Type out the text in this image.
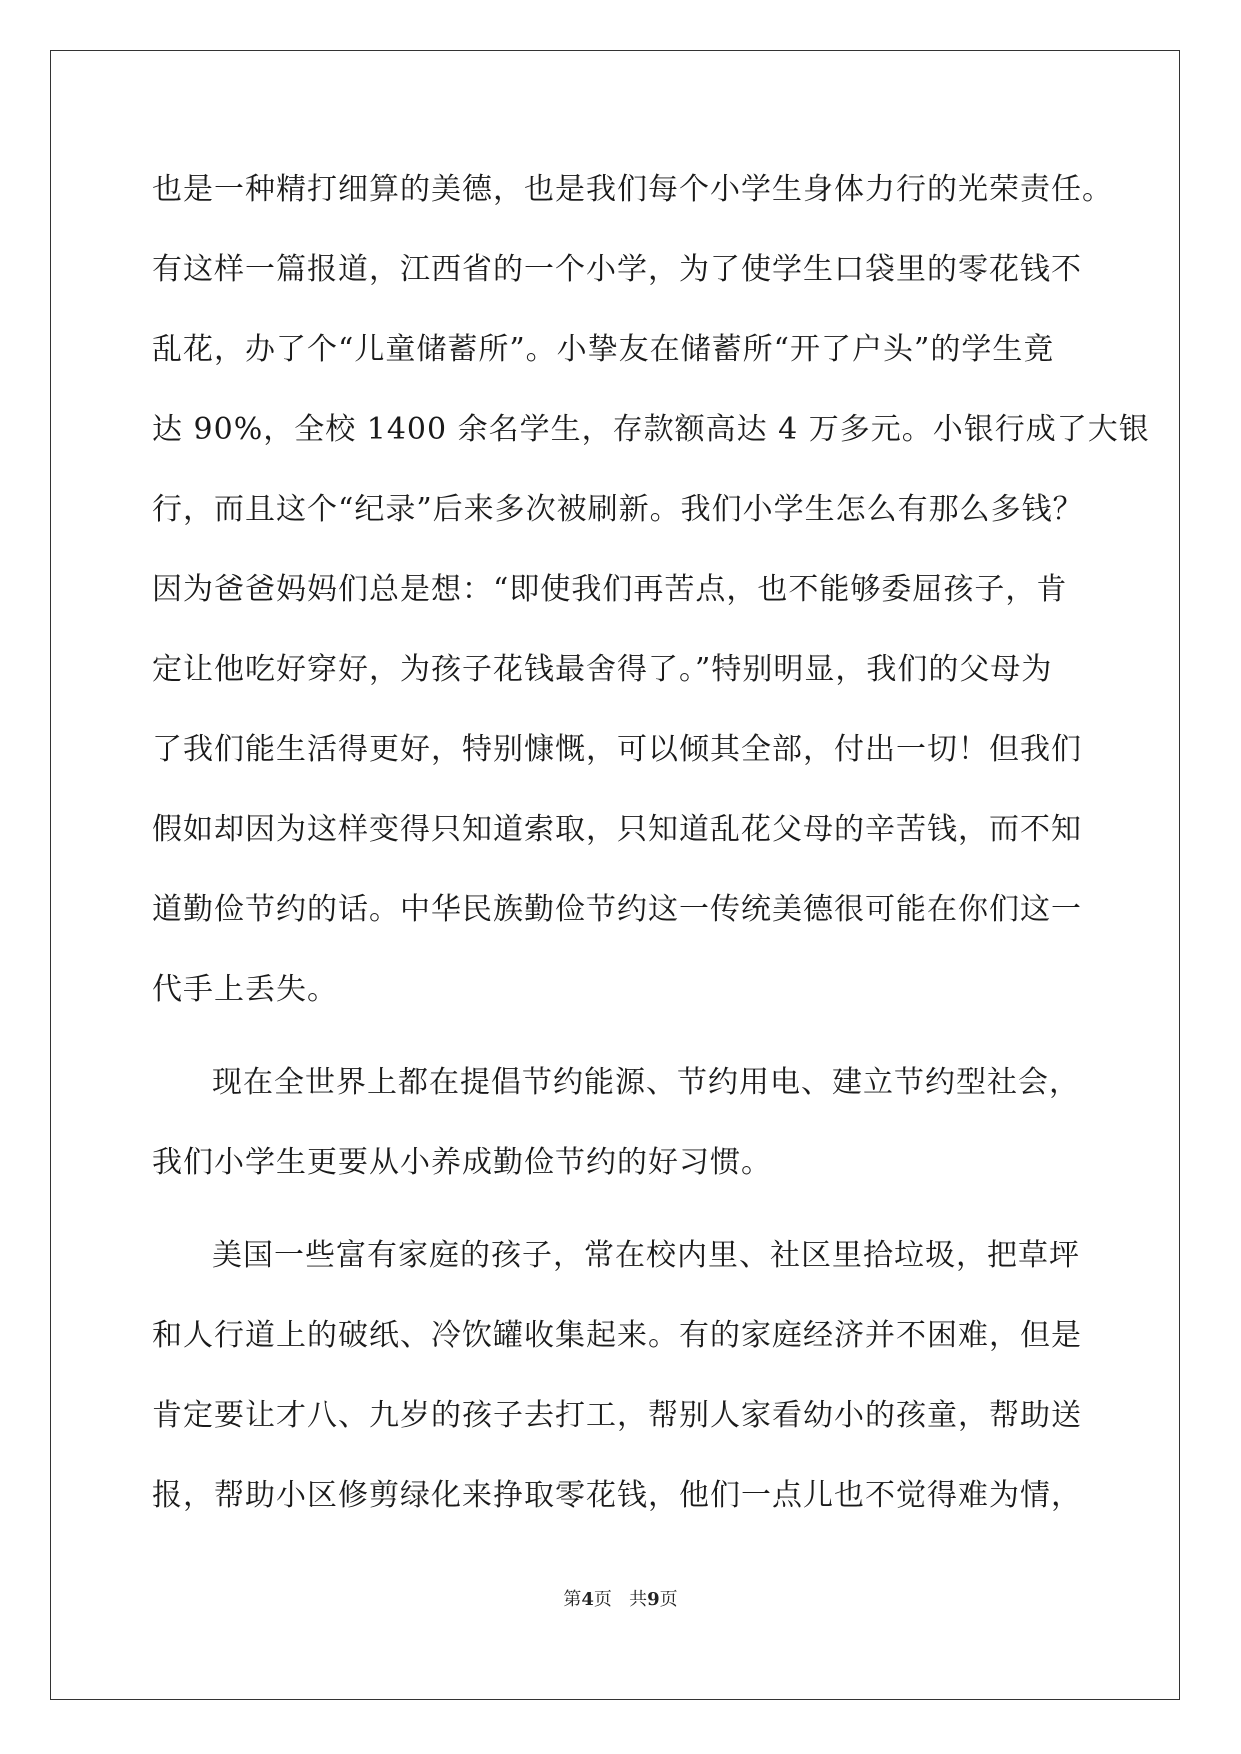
也是一种精打细算的美德，也是我们每个小学生身体力行的光荣责任。
有这样一篇报道，江西省的一个小学，为了使学生口袋里的零花钱不
乱花，办了个“儿童储蓄所”。小挚友在储蓄所“开了户头”的学生竟
达 90%，全校 1400 余名学生，存款额高达 4 万多元。小银行成了大银
行，而且这个“纪录”后来多次被刷新。我们小学生怎么有那么多钱？
因为爸爸妈妈们总是想：“即使我们再苦点，也不能够委屈孩子，肯
定让他吃好穿好，为孩子花钱最舍得了。”特别明显，我们的父母为
了我们能生活得更好，特别慷慨，可以倾其全部，付出一切！但我们
假如却因为这样变得只知道索取，只知道乱花父母的辛苦钱，而不知
道勤俭节约的话。中华民族勤俭节约这一传统美德很可能在你们这一
代手上丢失。
现在全世界上都在提倡节约能源、节约用电、建立节约型社会，
我们小学生更要从小养成勤俭节约的好习惯。
美国一些富有家庭的孩子，常在校内里、社区里拾垃圾，把草坪
和人行道上的破纸、冷饮罐收集起来。有的家庭经济并不困难，但是
肯定要让才八、九岁的孩子去打工，帮别人家看幼小的孩童，帮助送
报，帮助小区修剪绿化来挣取零花钱，他们一点儿也不觉得难为情，
第4页 共9页
